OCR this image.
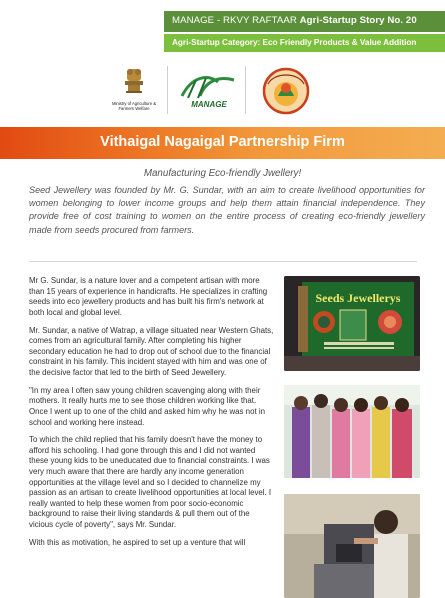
MANAGE - RKVY RAFTAAR Agri-Startup Story No. 20
Agri-Startup Category: Eco Friendly Products & Value Addition
Ministry of Agriculture & Farmers Welfare	MANAGE
Vithaigal Nagaigal Partnership Firm
Manufacturing Eco-friendly Jwellery!

Seed Jewellery was founded by Mr. G. Sundar, with an aim to create livelihood opportunities for women belonging to lower income groups and help them attain financial independence. They provide free of cost training to women on the entire process of creating eco-friendly jewellery made from seeds procured from farmers.

Mr G. Sundar, is a nature lover and a competent artisan with more than 15 years of experience in handicrafts. He specializes in crafting seeds into eco jewellery products and has built his firm's network at both local and global level.

Mr. Sundar, a native of Watrap, a village situated near Western Ghats, comes from an agricultural family. After completing his higher secondary education he had to drop out of school due to the financial constraint in his family. This incident stayed with him and was one of the decisive factor that led to the birth of Seed Jewellery.

"In my area I often saw young children scavenging along with their mothers. It really hurts me to see those children working like that. Once I went up to one of the child and asked him why he was not in school and working here instead.

To which the child replied that his family doesn't have the money to afford his schooling. I had gone through this and I did not wanted these young kids to be uneducated due to financial constraints. I was very much aware that there are hardly any income generation opportunities at the village level and so I decided to channelize my passion as an artisan to create livelihood opportunities at local level. I really wanted to help these women from poor socio-economic background to raise their living standards & pull them out of the vicious cycle of poverty", says Mr. Sundar.

With this as motivation, he aspired to set up a venture that will

Seeds Jewellerys
